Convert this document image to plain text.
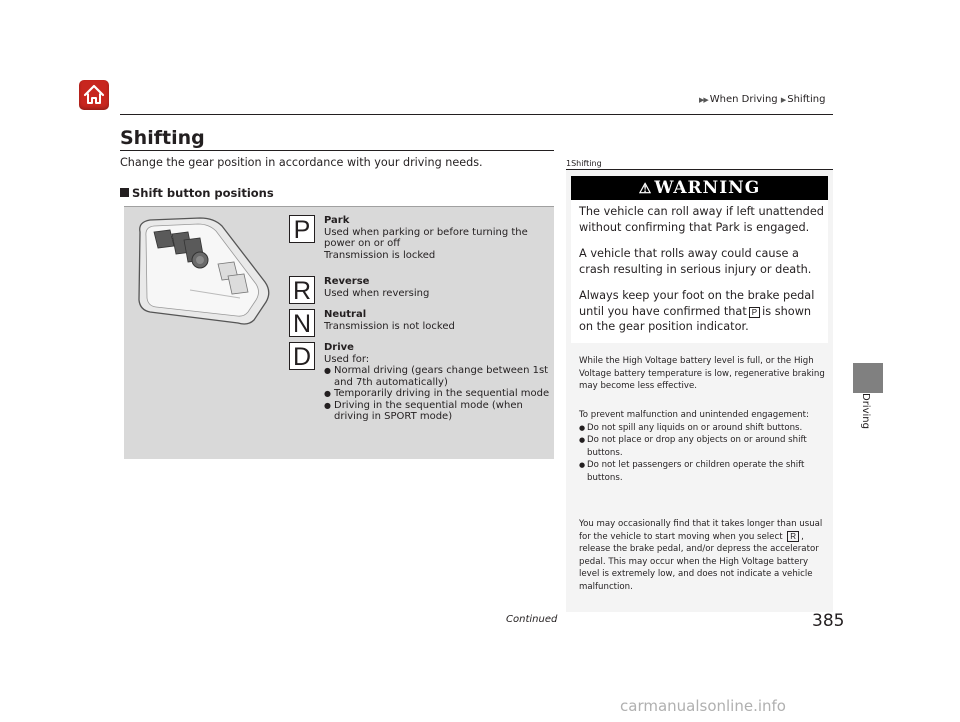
▶▶ When Driving ▶ Shifting
Driving
Shifting
Change the gear position in accordance with your driving needs.
Shift button positions
P	Park
Used when parking or before turning the
power on or off
Transmission is locked
R	Reverse
Used when reversing
N	Neutral
Transmission is not locked
D	Drive
Used for:
● Normal driving (gears change between 1st and 7th automatically)
● Temporarily driving in the sequential mode
● Driving in the sequential mode (when driving in SPORT mode)
1Shifting
⚠ WARNING
The vehicle can roll away if left unattended without confirming that Park is engaged.
A vehicle that rolls away could cause a crash resulting in serious injury or death.
Always keep your foot on the brake pedal until you have confirmed that P is shown on the gear position indicator.
While the High Voltage battery level is full, or the High Voltage battery temperature is low, regenerative braking may become less effective.
To prevent malfunction and unintended engagement:
● Do not spill any liquids on or around shift buttons.
● Do not place or drop any objects on or around shift buttons.
● Do not let passengers or children operate the shift buttons.
You may occasionally find that it takes longer than usual for the vehicle to start moving when you select R , release the brake pedal, and/or depress the accelerator pedal. This may occur when the High Voltage battery level is extremely low, and does not indicate a vehicle malfunction.
Continued	385
carmanualsonline.info
